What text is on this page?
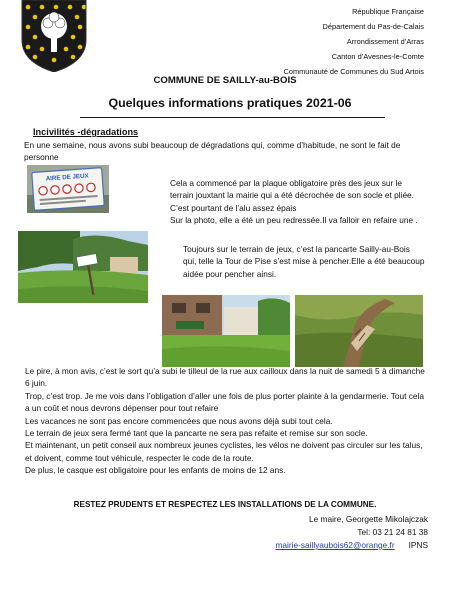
République Française
Département du Pas-de-Calais
Arrondissement d’Arras
Canton d’Avesnes-le-Comte
Communauté de Communes du Sud Artois
COMMUNE DE SAILLY-au-BOIS
Quelques informations pratiques 2021-06
Incivilités -dégradations
En une semaine, nous avons subi beaucoup de dégradations qui, comme d’habitude, ne sont le fait de personne
AIRE DE JEUX
Cela a commencé par la plaque obligatoire près des jeux sur le terrain jouxtant la mairie qui a été décrochée de son socle et pliée. C’est pourtant de l’alu assez épais
Sur la photo, elle a été un peu redressée.Il va falloir en refaire une .
Toujours sur le terrain de jeux, c’est la pancarte Sailly-au-Bois qui, telle la Tour de Pise s’est mise à pencher.Elle a été beaucoup aidée pour pencher ainsi.
Le pire, à mon avis, c’est le sort qu’a subi le tilleul de la rue aux cailloux dans la nuit de samedi 5 à dimanche 6 juin.
Trop, c’est trop. Je me vois dans l’obligation d’aller une fois de plus porter plainte à la gendarmerie. Tout cela a un coût et nous devrons dépenser pour tout refaire
Les vacances ne sont pas encore commencées que nous avons déjà subi tout cela.
Le terrain de jeux sera fermé tant que la pancarte ne sera pas refaite et remise sur son socle.
Et maintenant, un petit conseil aux nombreux jeunes cyclistes, les vélos ne doivent pas circuler sur les talus, et doivent, comme tout véhicule, respecter le code de la route.
De plus, le casque est obligatoire pour les enfants de moins de 12 ans.
RESTEZ PRUDENTS ET RESPECTEZ LES INSTALLATIONS DE LA COMMUNE.
Le maire, Georgette Mikolajczak
Tel: 03 21 24 81 38
mairie-saillyaubois62@orange.fr IPNS
